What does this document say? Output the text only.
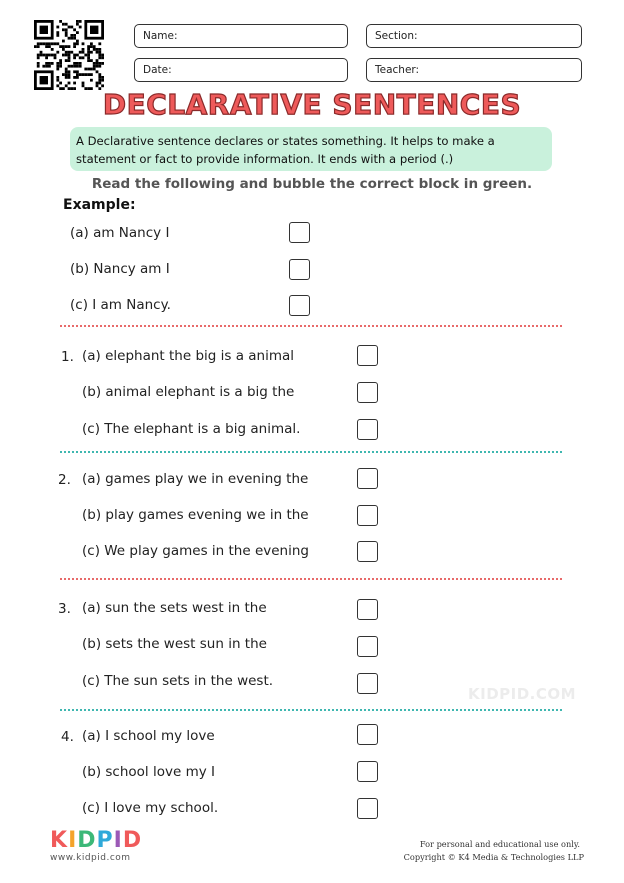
Name:	Section:
Date:	Teacher:
DECLARATIVE SENTENCES
A Declarative sentence declares or states something. It helps to make a statement or fact to provide information. It ends with a period (.)
Read the following and bubble the correct block in green.
Example:
(a) am Nancy I
(b) Nancy am I
(c) I am Nancy.
1. (a) elephant the big is a animal
(b) animal elephant is a big the
(c) The elephant is a big animal.
2. (a) games play we in evening the
(b) play games evening we in the
(c) We play games in the evening
3. (a) sun the sets west in the
(b) sets the west sun in the
(c) The sun sets in the west.
KIDPID.COM
4. (a) I school my love
(b) school love my I
(c) I love my school.
KIDPID
www.kidpid.com
For personal and educational use only.
Copyright © K4 Media & Technologies LLP
